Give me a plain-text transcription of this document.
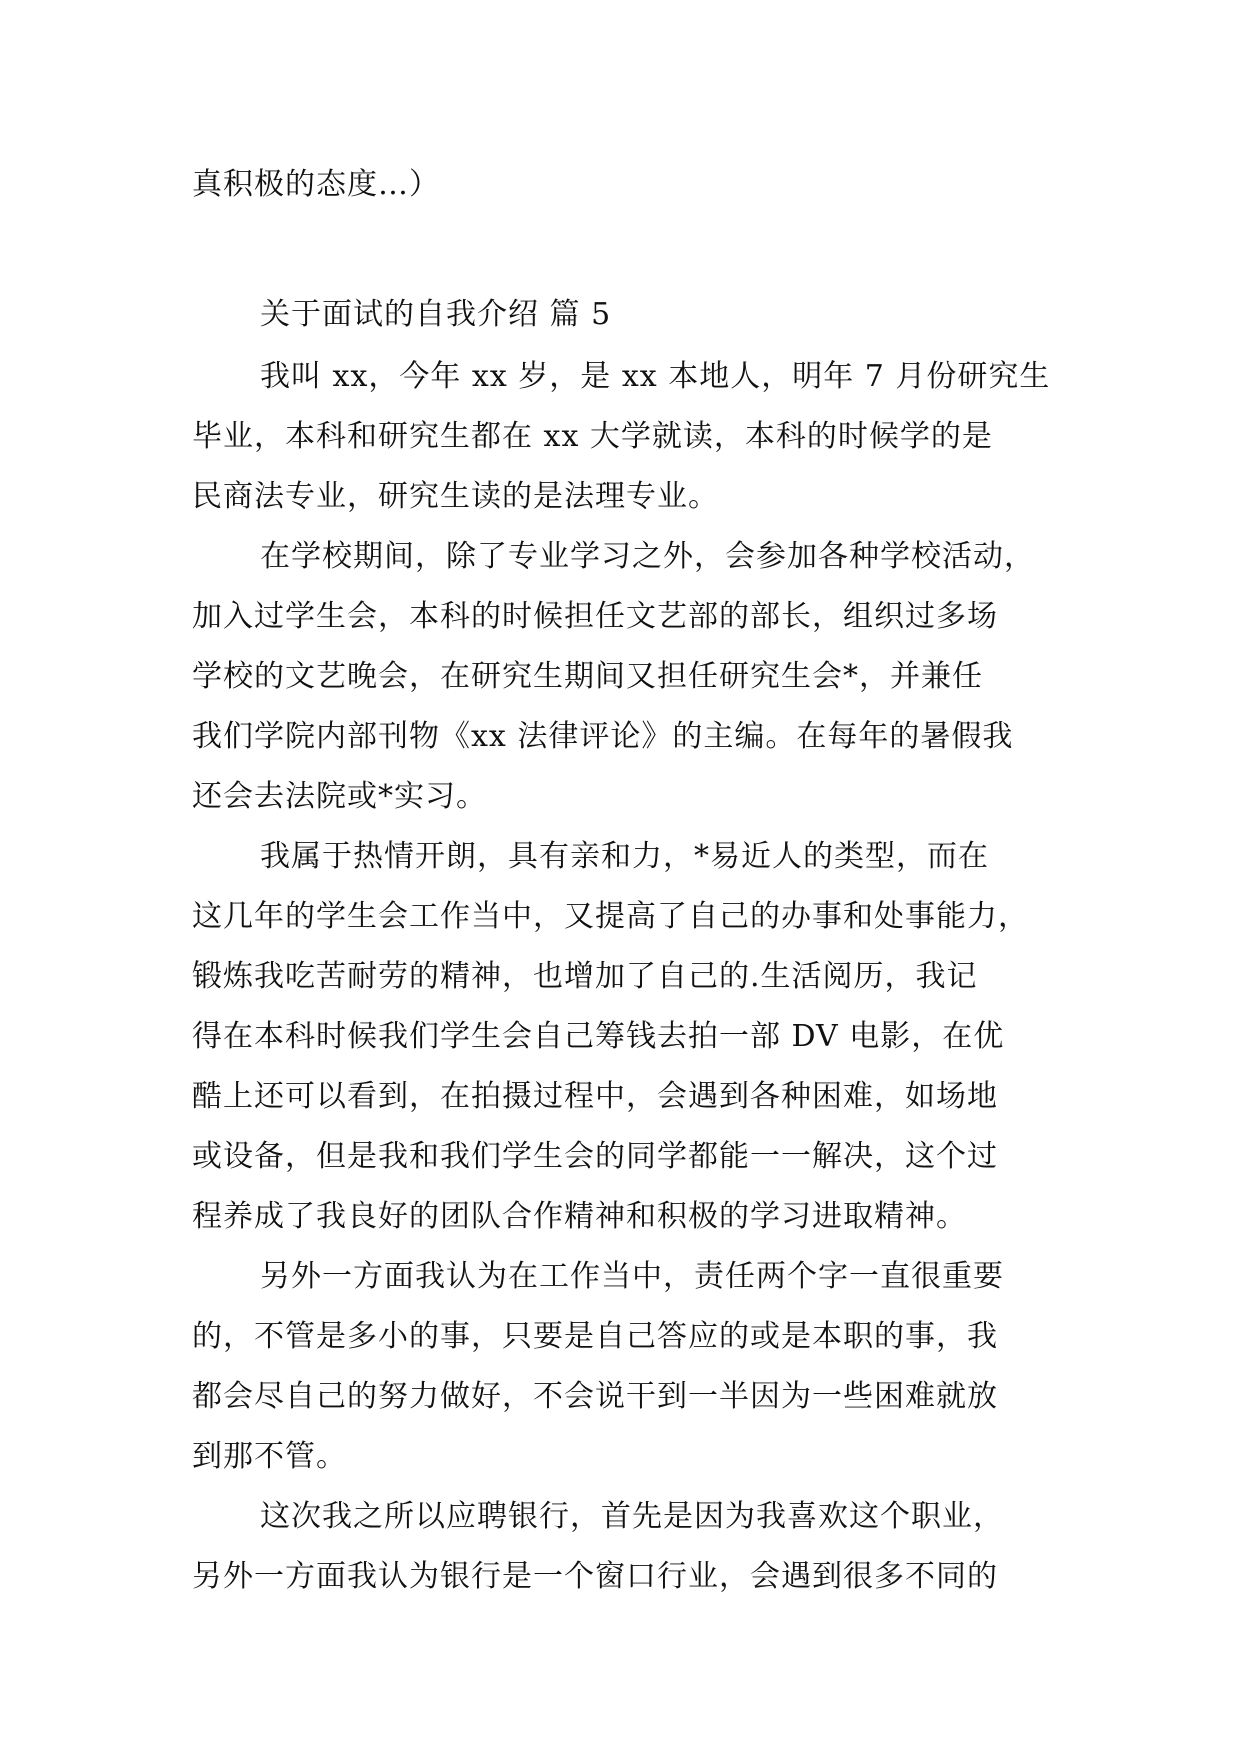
真积极的态度…）
关于面试的自我介绍 篇 5
我叫 xx，今年 xx 岁，是 xx 本地人，明年 7 月份研究生
毕业，本科和研究生都在 xx 大学就读，本科的时候学的是
民商法专业，研究生读的是法理专业。
在学校期间，除了专业学习之外，会参加各种学校活动，
加入过学生会，本科的时候担任文艺部的部长，组织过多场
学校的文艺晚会，在研究生期间又担任研究生会*，并兼任
我们学院内部刊物《xx 法律评论》的主编。在每年的暑假我
还会去法院或*实习。
我属于热情开朗，具有亲和力，*易近人的类型，而在
这几年的学生会工作当中，又提高了自己的办事和处事能力，
锻炼我吃苦耐劳的精神，也增加了自己的.生活阅历，我记
得在本科时候我们学生会自己筹钱去拍一部 DV 电影，在优
酷上还可以看到，在拍摄过程中，会遇到各种困难，如场地
或设备，但是我和我们学生会的同学都能一一解决，这个过
程养成了我良好的团队合作精神和积极的学习进取精神。
另外一方面我认为在工作当中，责任两个字一直很重要
的，不管是多小的事，只要是自己答应的或是本职的事，我
都会尽自己的努力做好，不会说干到一半因为一些困难就放
到那不管。
这次我之所以应聘银行，首先是因为我喜欢这个职业，
另外一方面我认为银行是一个窗口行业，会遇到很多不同的
